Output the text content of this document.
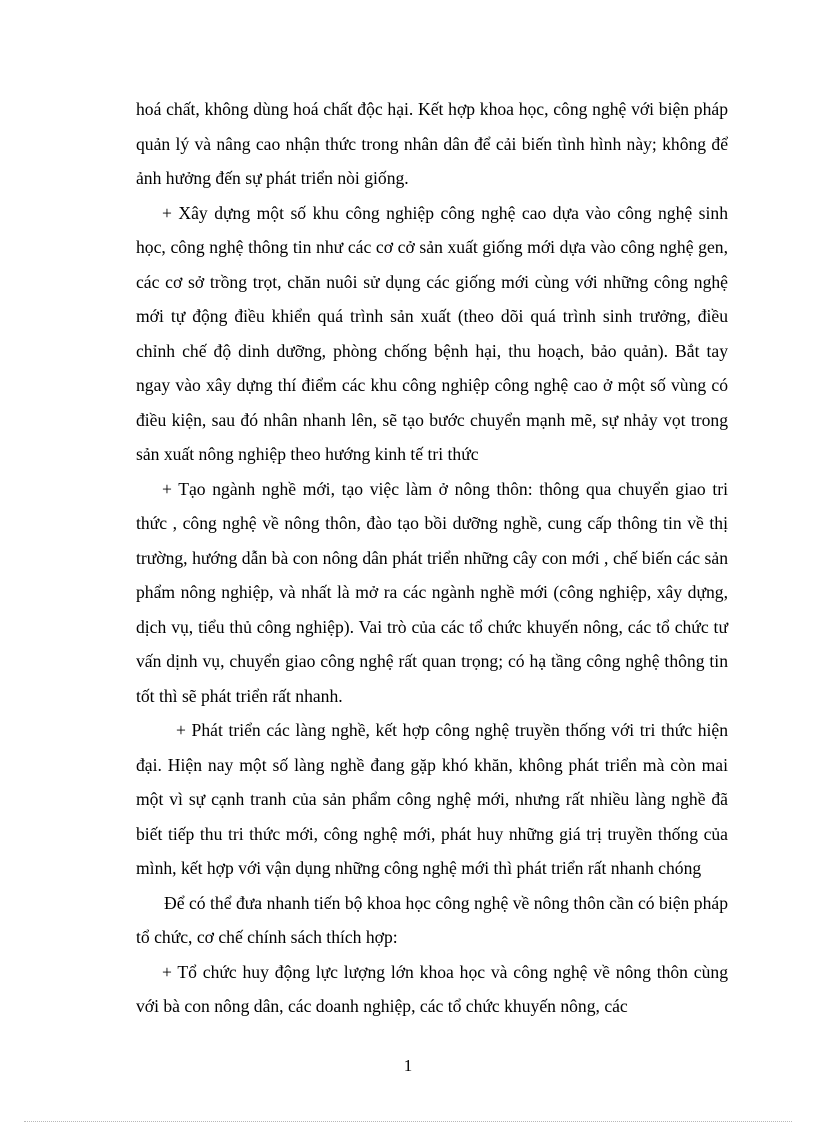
hoá chất, không dùng hoá chất độc hại. Kết hợp khoa học, công nghệ với biện pháp quản lý và nâng cao nhận thức trong nhân dân để cải biến tình hình này; không để ảnh hưởng đến sự phát triển nòi giống.

+ Xây dựng một số khu công nghiệp công nghệ cao dựa vào công nghệ sinh học, công nghệ thông tin như các cơ cở sản xuất giống mới dựa vào công nghệ gen, các cơ sở trồng trọt, chăn nuôi sử dụng các giống mới cùng với những công nghệ mới tự động điều khiển quá trình sản xuất (theo dõi quá trình sinh trưởng, điều chỉnh chế độ dinh dưỡng, phòng chống bệnh hại, thu hoạch, bảo quản). Bắt tay ngay vào xây dựng thí điểm các khu công nghiệp công nghệ cao ở một số vùng có điều kiện, sau đó nhân nhanh lên, sẽ tạo bước chuyển mạnh mẽ, sự nhảy vọt trong sản xuất nông nghiệp theo hướng kinh tế tri thức

+ Tạo ngành nghề mới, tạo việc làm ở nông thôn: thông qua chuyển giao tri thức , công nghệ về nông thôn, đào tạo bồi dưỡng nghề, cung cấp thông tin về thị trường, hướng dẫn bà con nông dân phát triển những cây con mới , chế biến các sản phẩm nông nghiệp, và nhất là mở ra các ngành nghề mới (công nghiệp, xây dựng, dịch vụ, tiểu thủ công nghiệp). Vai trò của các tổ chức khuyến nông, các tổ chức tư vấn dịnh vụ, chuyển giao công nghệ rất quan trọng; có hạ tầng công nghệ thông tin tốt thì sẽ phát triển rất nhanh.

+ Phát triển các làng nghề, kết hợp công nghệ truyền thống với tri thức hiện đại. Hiện nay một số làng nghề đang gặp khó khăn, không phát triển mà còn mai một vì sự cạnh tranh của sản phẩm công nghệ mới, nhưng rất nhiều làng nghề đã biết tiếp thu tri thức mới, công nghệ mới, phát huy những giá trị truyền thống của mình, kết hợp với vận dụng những công nghệ mới thì phát triển rất nhanh chóng

Để có thể đưa nhanh tiến bộ khoa học công nghệ về nông thôn cần có biện pháp tổ chức, cơ chế chính sách thích hợp:

+ Tổ chức huy động lực lượng lớn khoa học và công nghệ về nông thôn cùng với bà con nông dân, các doanh nghiệp, các tổ chức khuyến nông, các

1
